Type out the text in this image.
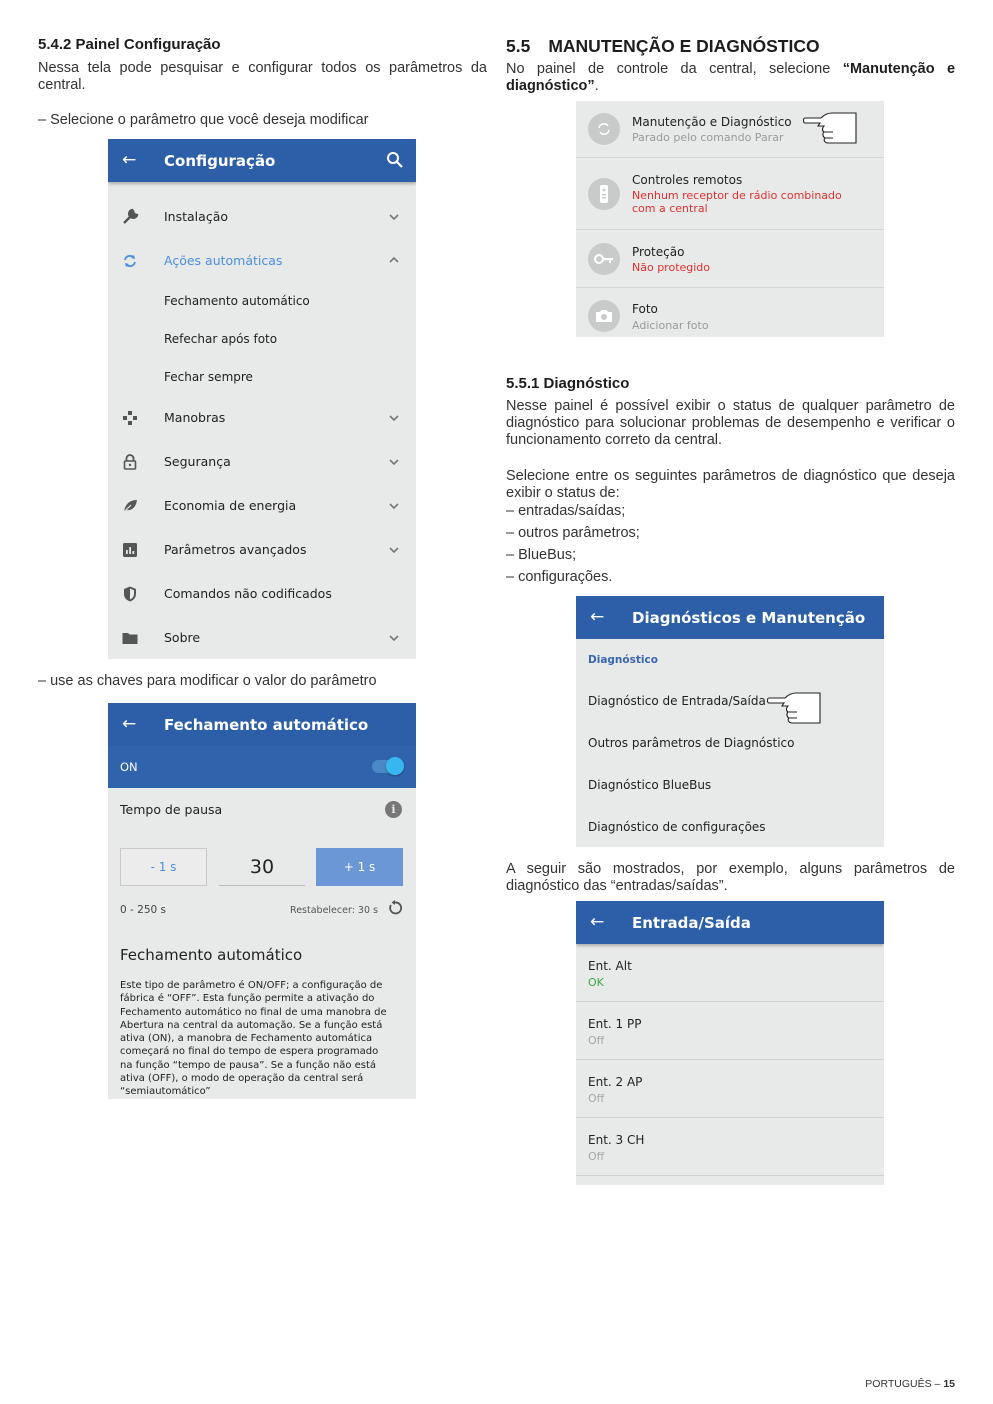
5.4.2 Painel Configuração
Nessa tela pode pesquisar e configurar todos os parâmetros da central.
– Selecione o parâmetro que você deseja modificar
← Configuração
Instalação
Ações automáticas
Fechamento automático
Refechar após foto
Fechar sempre
Manobras
Segurança
Economia de energia
Parâmetros avançados
Comandos não codificados
Sobre
– use as chaves para modificar o valor do parâmetro
← Fechamento automático
ON
Tempo de pausa	i
- 1 s	30	+ 1 s
0 - 250 s	Restabelecer: 30 s
Fechamento automático
Este tipo de parâmetro é ON/OFF; a configuração de fábrica é “OFF”. Esta função permite a ativação do Fechamento automático no final de uma manobra de Abertura na central da automação. Se a função está ativa (ON), a manobra de Fechamento automática começará no final do tempo de espera programado na função “tempo de pausa”. Se a função não está ativa (OFF), o modo de operação da central será “semiautomático”
5.5 MANUTENÇÃO E DIAGNÓSTICO
No painel de controle da central, selecione “Manutenção e diagnóstico”.
Manutenção e Diagnóstico
Parado pelo comando Parar
Controles remotos
Nenhum receptor de rádio combinado com a central
Proteção
Não protegido
Foto
Adicionar foto
5.5.1 Diagnóstico
Nesse painel é possível exibir o status de qualquer parâmetro de diagnóstico para solucionar problemas de desempenho e verificar o funcionamento correto da central.
Selecione entre os seguintes parâmetros de diagnóstico que deseja exibir o status de:
– entradas/saídas;
– outros parâmetros;
– BlueBus;
– configurações.
← Diagnósticos e Manutenção
Diagnóstico
Diagnóstico de Entrada/Saída
Outros parâmetros de Diagnóstico
Diagnóstico BlueBus
Diagnóstico de configurações
A seguir são mostrados, por exemplo, alguns parâmetros de diagnóstico das “entradas/saídas”.
← Entrada/Saída
Ent. Alt
OK
Ent. 1 PP
Off
Ent. 2 AP
Off
Ent. 3 CH
Off
PORTUGUÊS – 15
